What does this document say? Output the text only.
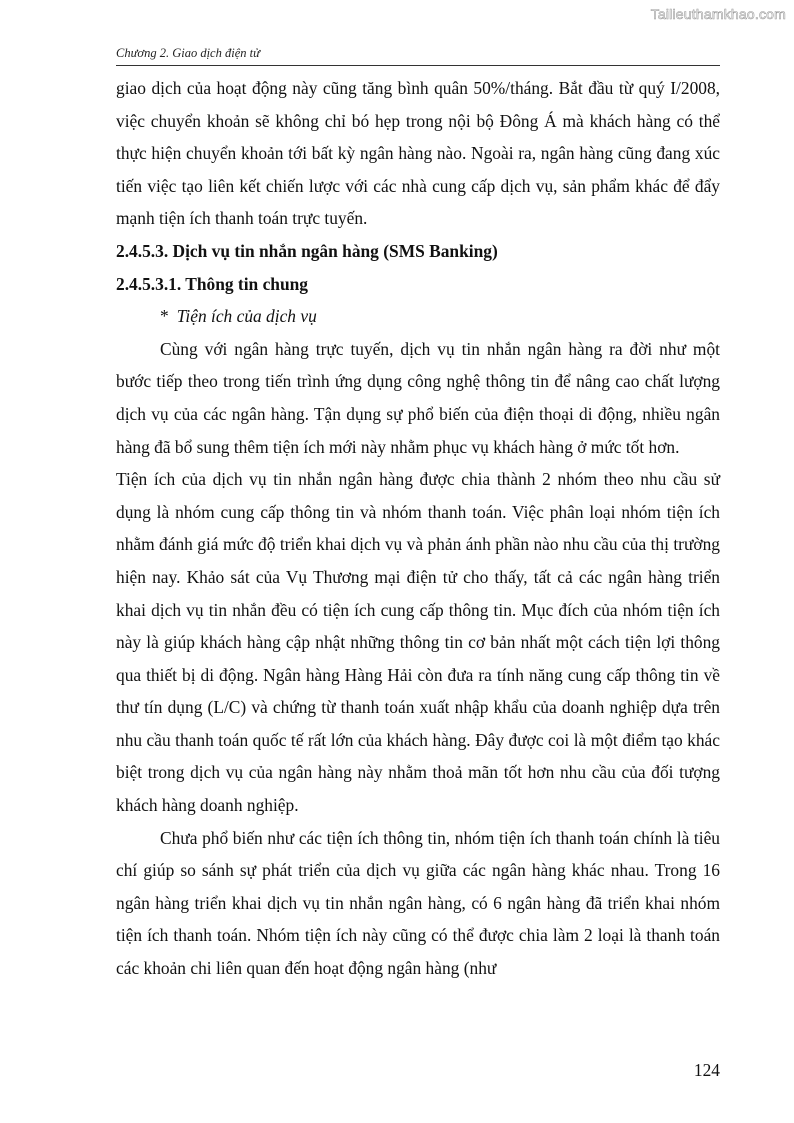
Tailieuthamkhao.com
Chương 2. Giao dịch điện tử

giao dịch của hoạt động này cũng tăng bình quân 50%/tháng. Bắt đầu từ quý I/2008, việc chuyển khoản sẽ không chỉ bó hẹp trong nội bộ Đông Á mà khách hàng có thể thực hiện chuyển khoản tới bất kỳ ngân hàng nào. Ngoài ra, ngân hàng cũng đang xúc tiến việc tạo liên kết chiến lược với các nhà cung cấp dịch vụ, sản phẩm khác để đẩy mạnh tiện ích thanh toán trực tuyến.

2.4.5.3. Dịch vụ tin nhắn ngân hàng (SMS Banking)
2.4.5.3.1. Thông tin chung

* Tiện ích của dịch vụ

Cùng với ngân hàng trực tuyến, dịch vụ tin nhắn ngân hàng ra đời như một bước tiếp theo trong tiến trình ứng dụng công nghệ thông tin để nâng cao chất lượng dịch vụ của các ngân hàng. Tận dụng sự phổ biến của điện thoại di động, nhiều ngân hàng đã bổ sung thêm tiện ích mới này nhằm phục vụ khách hàng ở mức tốt hơn.

Tiện ích của dịch vụ tin nhắn ngân hàng được chia thành 2 nhóm theo nhu cầu sử dụng là nhóm cung cấp thông tin và nhóm thanh toán. Việc phân loại nhóm tiện ích nhằm đánh giá mức độ triển khai dịch vụ và phản ánh phần nào nhu cầu của thị trường hiện nay. Khảo sát của Vụ Thương mại điện tử cho thấy, tất cả các ngân hàng triển khai dịch vụ tin nhắn đều có tiện ích cung cấp thông tin. Mục đích của nhóm tiện ích này là giúp khách hàng cập nhật những thông tin cơ bản nhất một cách tiện lợi thông qua thiết bị di động. Ngân hàng Hàng Hải còn đưa ra tính năng cung cấp thông tin về thư tín dụng (L/C) và chứng từ thanh toán xuất nhập khẩu của doanh nghiệp dựa trên nhu cầu thanh toán quốc tế rất lớn của khách hàng. Đây được coi là một điểm tạo khác biệt trong dịch vụ của ngân hàng này nhằm thoả mãn tốt hơn nhu cầu của đối tượng khách hàng doanh nghiệp.

Chưa phổ biến như các tiện ích thông tin, nhóm tiện ích thanh toán chính là tiêu chí giúp so sánh sự phát triển của dịch vụ giữa các ngân hàng khác nhau. Trong 16 ngân hàng triển khai dịch vụ tin nhắn ngân hàng, có 6 ngân hàng đã triển khai nhóm tiện ích thanh toán. Nhóm tiện ích này cũng có thể được chia làm 2 loại là thanh toán các khoản chi liên quan đến hoạt động ngân hàng (như

124
